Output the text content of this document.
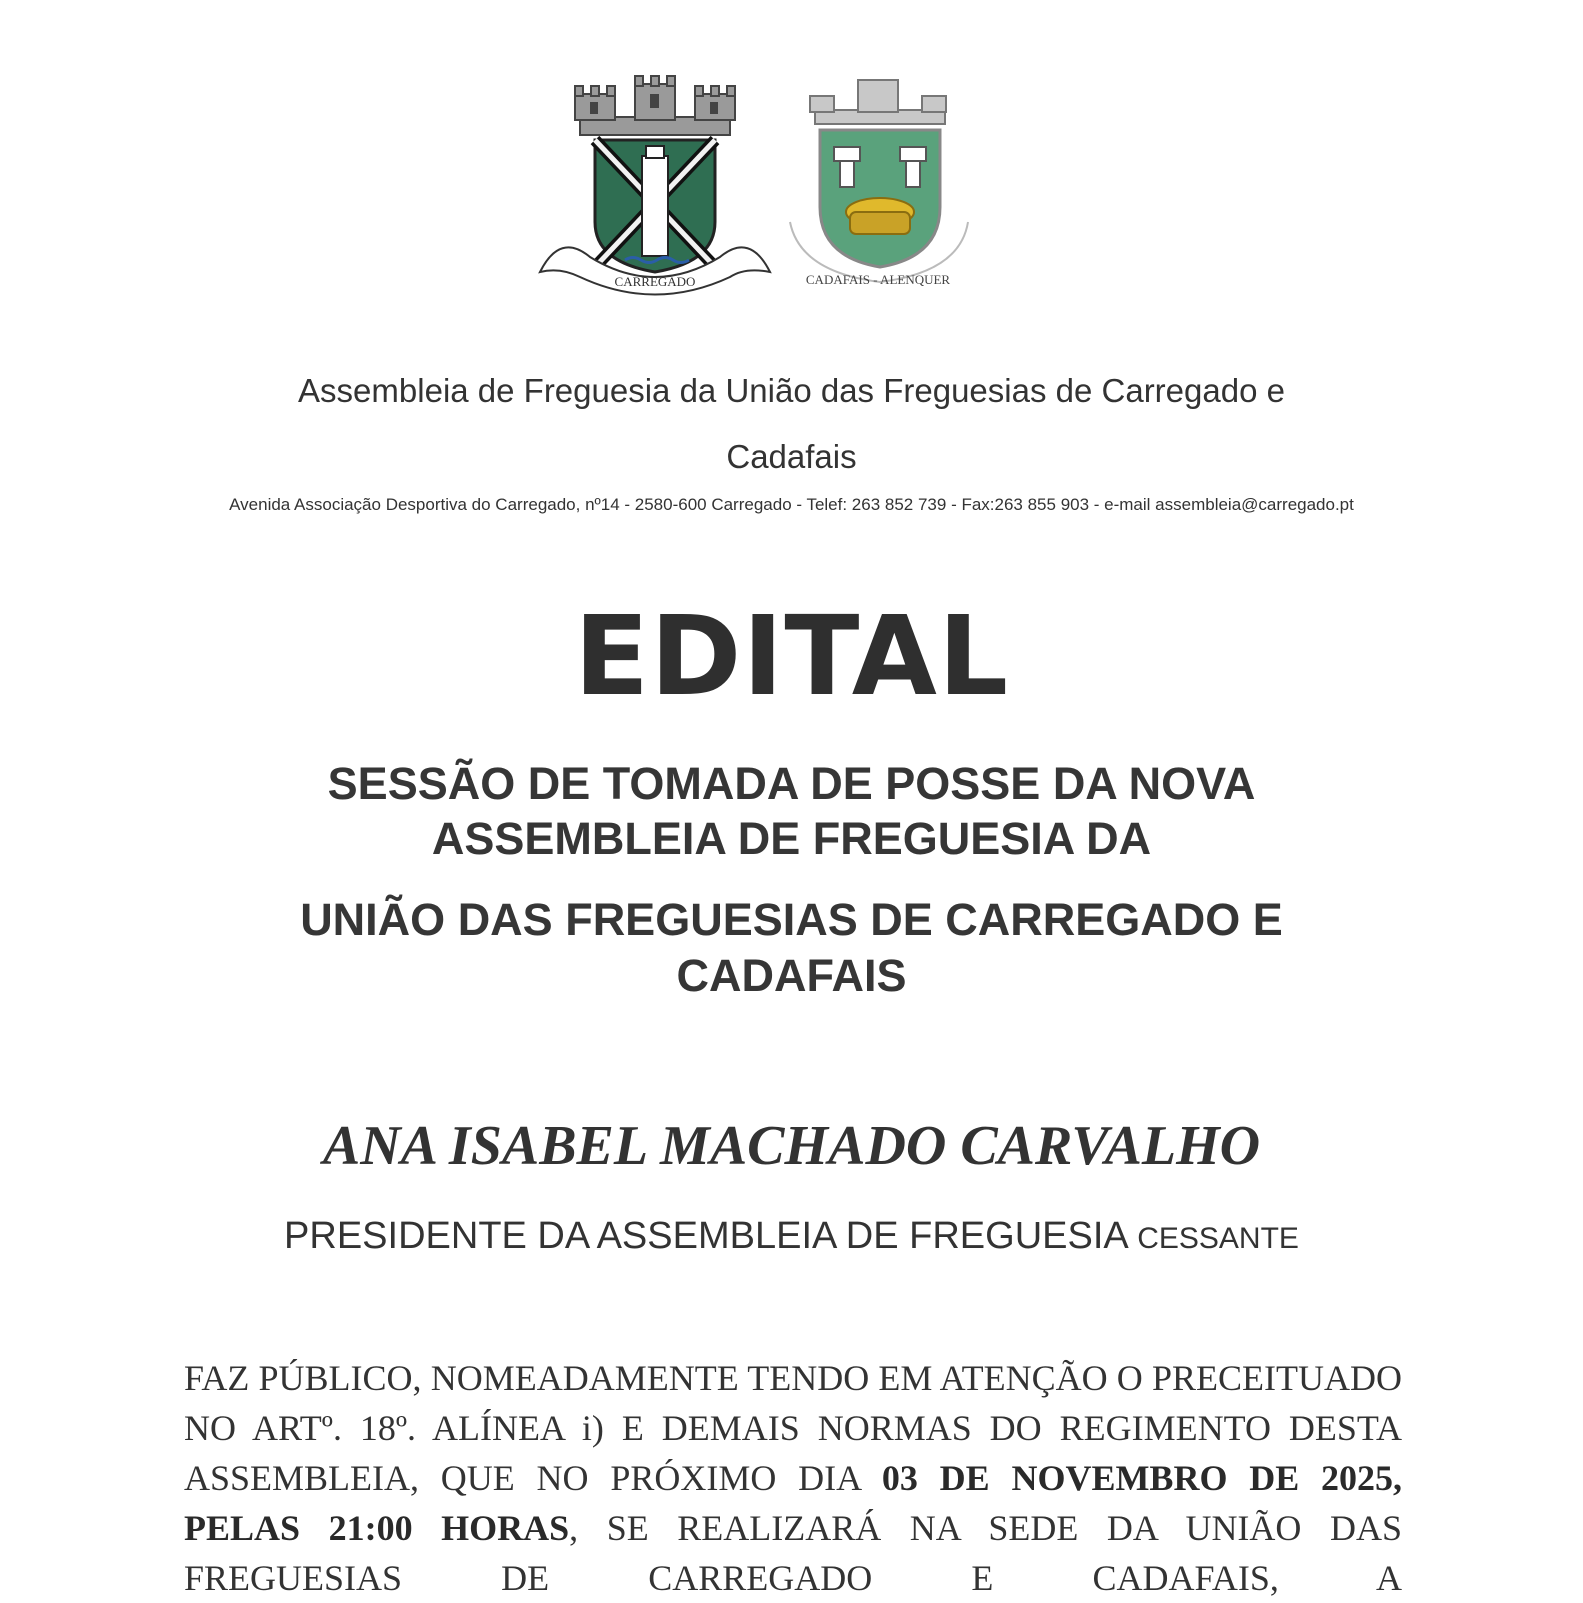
CARREGADO	CADAFAIS - ALENQUER
Assembleia de Freguesia da União das Freguesias de Carregado e
Cadafais
Avenida Associação Desportiva do Carregado, nº14 - 2580-600 Carregado - Telef: 263 852 739 - Fax:263 855 903 - e-mail assembleia@carregado.pt
EDITAL
SESSÃO DE TOMADA DE POSSE DA NOVA
ASSEMBLEIA DE FREGUESIA DA
UNIÃO DAS FREGUESIAS DE CARREGADO E
CADAFAIS
ANA ISABEL MACHADO CARVALHO
PRESIDENTE DA ASSEMBLEIA DE FREGUESIA CESSANTE
FAZ PÚBLICO, NOMEADAMENTE TENDO EM ATENÇÃO O PRECEITUADO NO ARTº. 18º. ALÍNEA i) E DEMAIS NORMAS DO REGIMENTO DESTA ASSEMBLEIA, QUE NO PRÓXIMO DIA 03 DE NOVEMBRO DE 2025, PELAS 21:00 HORAS, SE REALIZARÁ NA SEDE DA UNIÃO DAS FREGUESIAS DE CARREGADO E CADAFAIS, A
